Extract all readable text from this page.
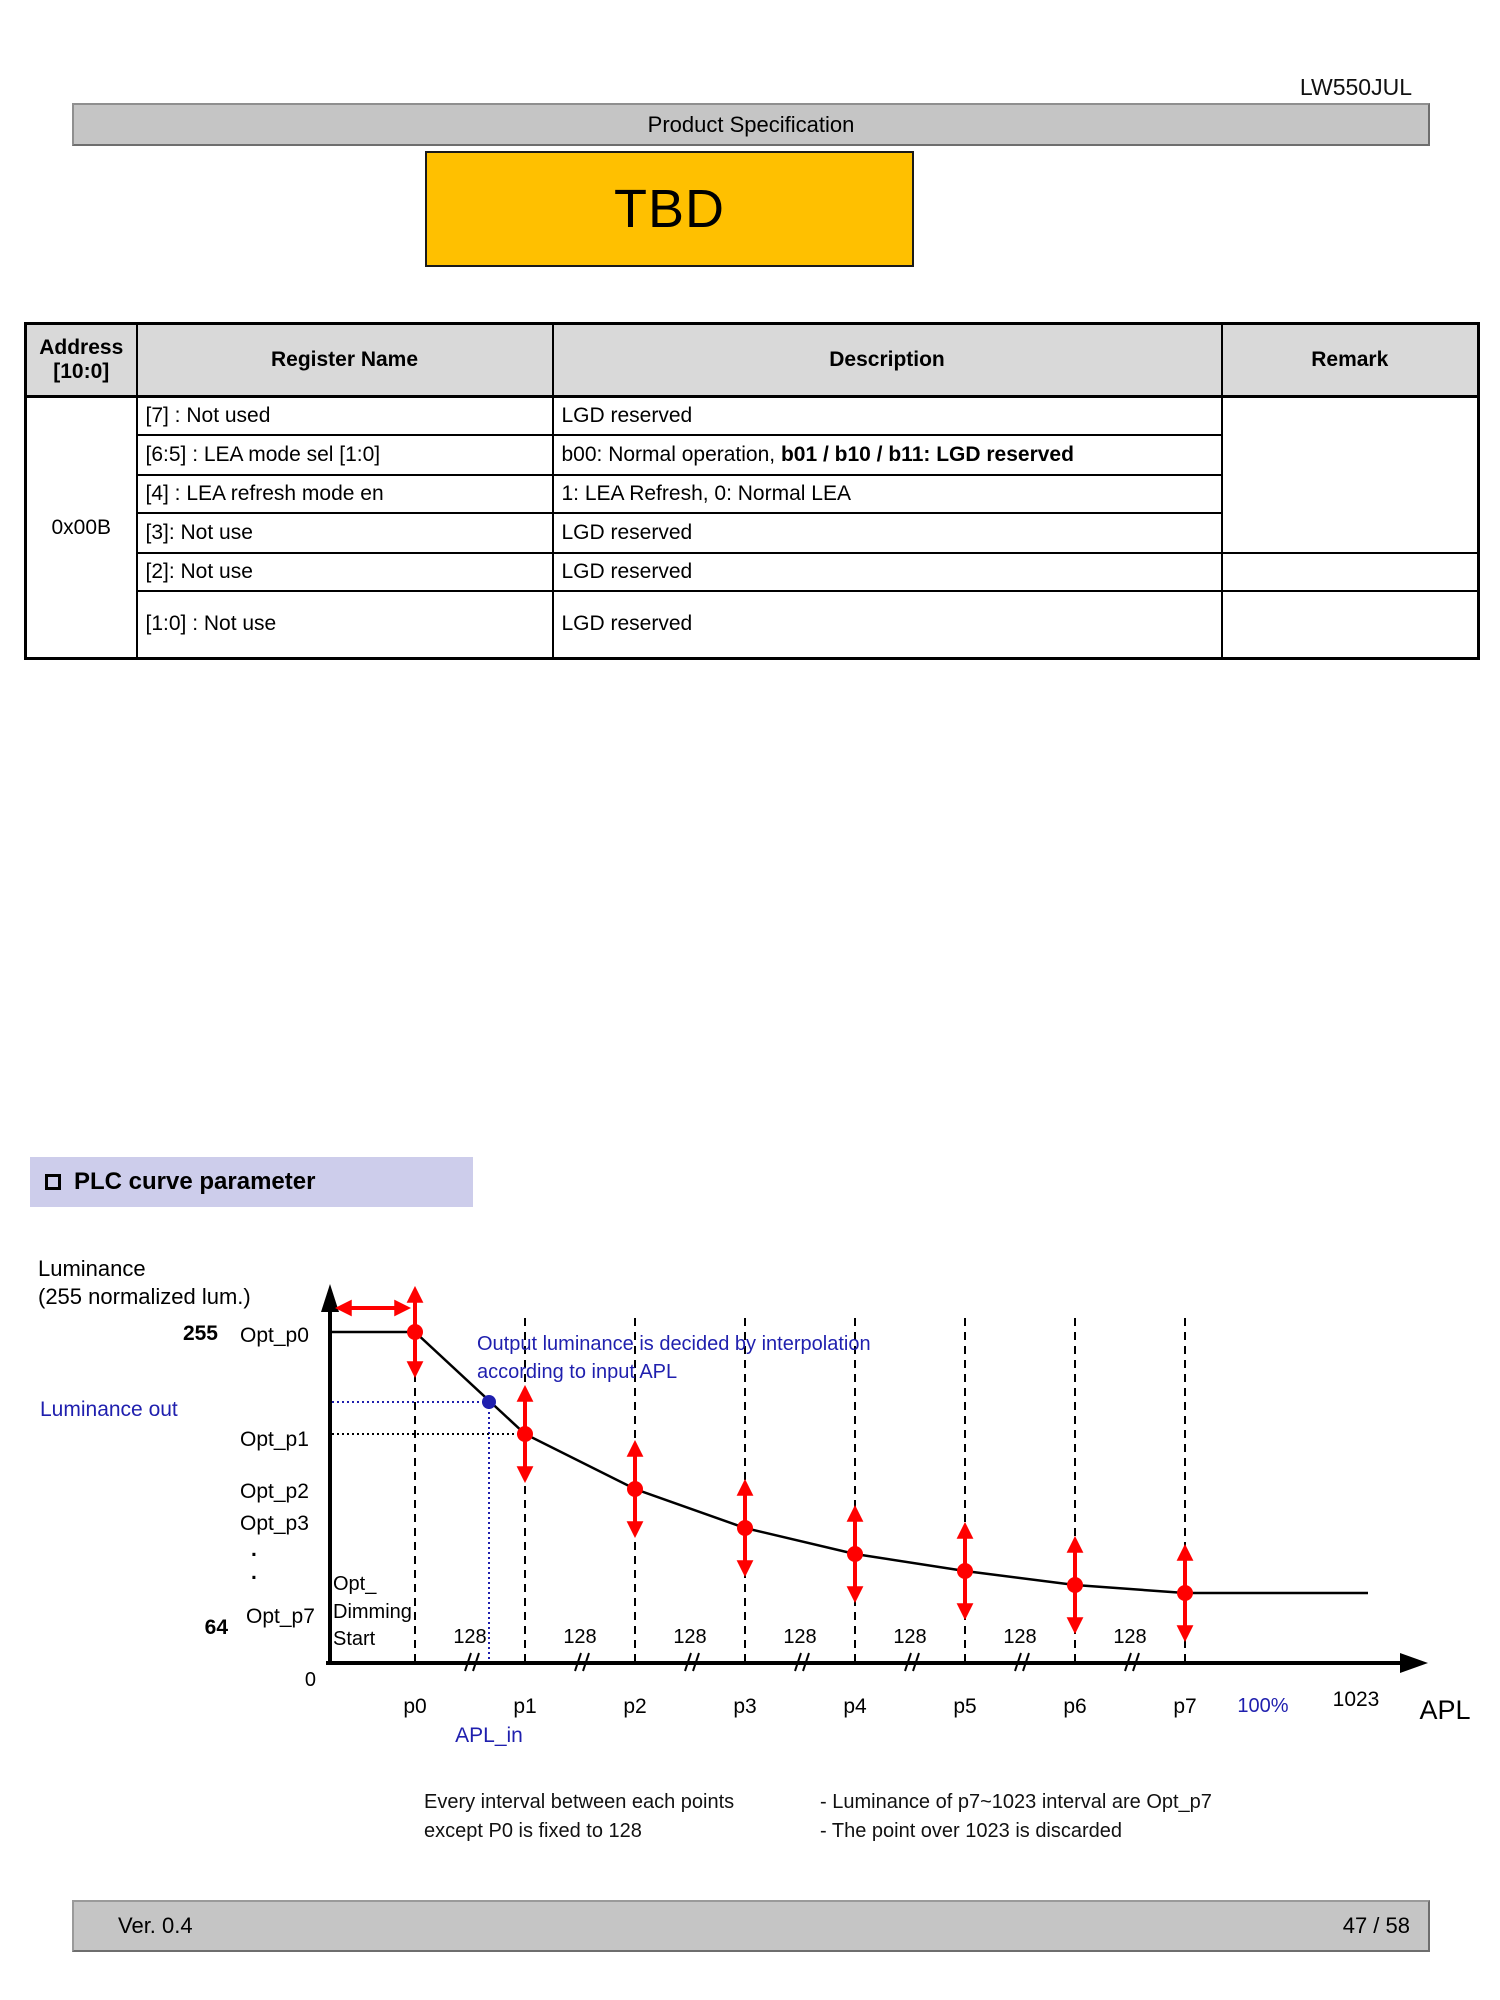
LW550JUL
Product Specification
TBD
Address
[10:0]	Register Name	Description	Remark
0x00B	[7] : Not used	LGD reserved	
	[6:5] : LEA mode sel [1:0]	b00: Normal operation, b01 / b10 / b11: LGD reserved	
	[4] : LEA refresh mode en	1: LEA Refresh, 0: Normal LEA	
	[3]: Not use	LGD reserved	
	[2]: Not use	LGD reserved	
	[1:0] : Not use	LGD reserved	
PLC curve parameter
Luminance
(255 normalized lum.)
255 Opt_p0
Luminance out
Opt_p1
Opt_p2
Opt_p3
.
.
Opt_p7
64
Opt_
Dimming
Start
0
128	128	128	128	128	128	128
p0	p1	p2	p3	p4	p5	p6	p7
APL_in
100% 1023 APL
Output luminance is decided by interpolation
according to input APL
Every interval between each points
except P0 is fixed to 128
- Luminance of p7~1023 interval are Opt_p7
- The point over 1023 is discarded
Ver. 0.4	47 / 58
